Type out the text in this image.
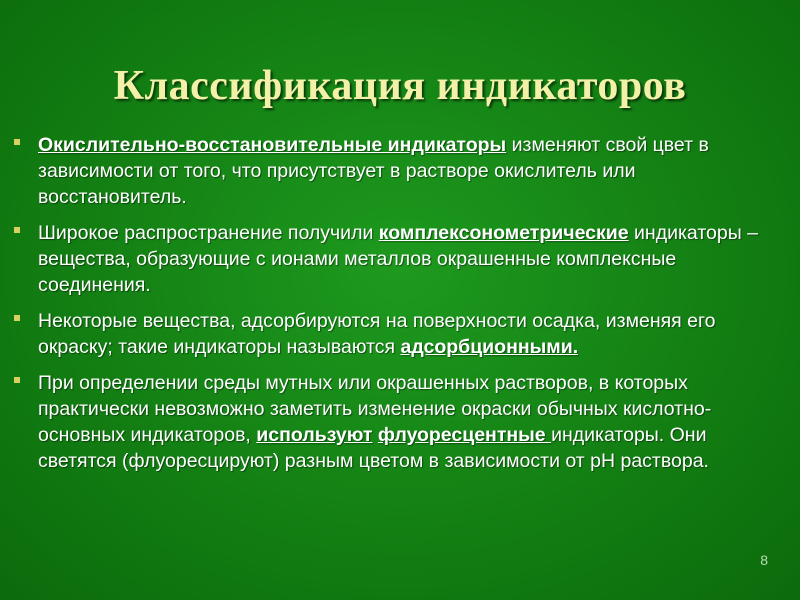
Классификация индикаторов
Окислительно-восстановительные индикаторы изменяют свой цвет в зависимости от того, что присутствует в растворе окислитель или восстановитель.
Широкое распространение получили комплексонометрические индикаторы – вещества, образующие с ионами металлов окрашенные комплексные соединения.
Некоторые вещества, адсорбируются на поверхности осадка, изменяя его окраску; такие индикаторы называются адсорбционными.
При определении среды мутных или окрашенных растворов, в которых практически невозможно заметить изменение окраски обычных кислотно-основных индикаторов, используют флуоресцентные индикаторы. Они светятся (флуоресцируют) разным цветом в зависимости от pH раствора.
8
